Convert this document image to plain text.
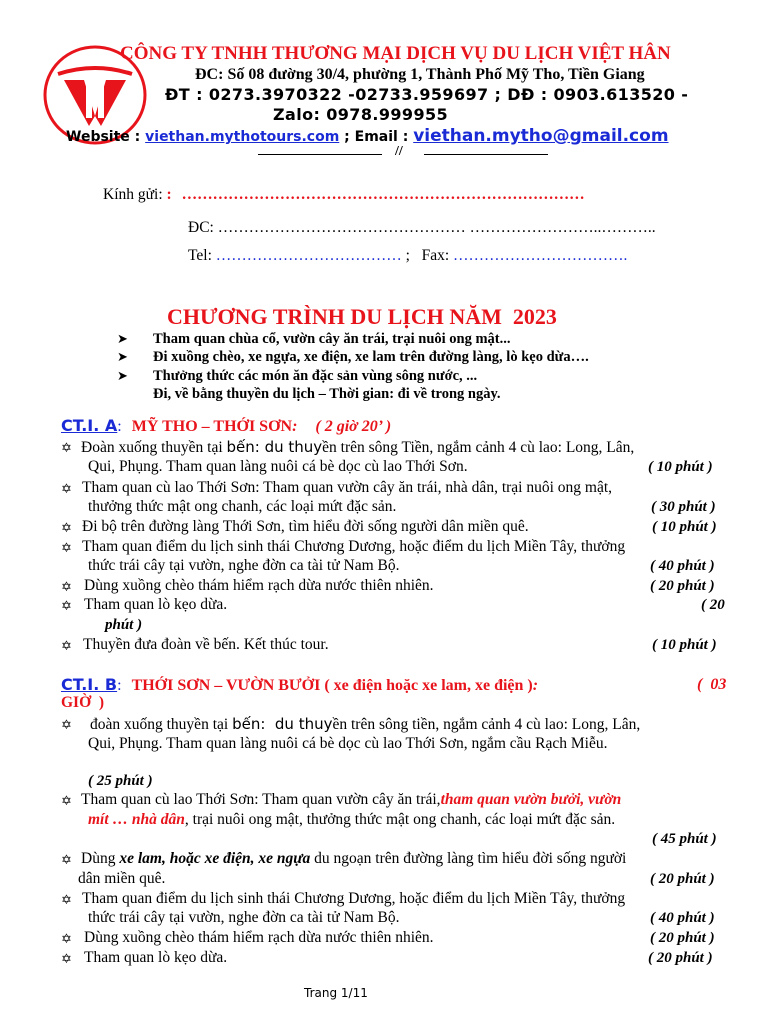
CÔNG TY TNHH THƯƠNG MẠI DỊCH VỤ DU LỊCH VIỆT HÂN
ĐC: Số 08 đường 30/4, phường 1, Thành Phố Mỹ Tho, Tiền Giang
ĐT : 0273.3970322 -02733.959697 ; DĐ : 0903.613520 -
Zalo: 0978.999955
Website : viethan.mythotours.com ; Email : viethan.mytho@gmail.com
//
Kính gửi: : ……………………………………………………………………
ĐC: ………………………………………… ……………………..………..
Tel: ……………………………… ;   Fax: …………………………….
CHƯƠNG TRÌNH DU LỊCH NĂM  2023
➤ Tham quan chùa cổ, vườn cây ăn trái, trại nuôi ong mật...
➤ Đi xuồng chèo, xe ngựa, xe điện, xe lam trên đường làng, lò kẹo dừa….
➤ Thưởng thức các món ăn đặc sản vùng sông nước, ...
Đi, về bằng thuyền du lịch – Thời gian: đi về trong ngày.
CT.I. A: MỸ THO – THỚI SƠN: ( 2 giờ 20’ )
✡ Đoàn xuống thuyền tại bến: du thuyền trên sông Tiền, ngắm cảnh 4 cù lao: Long, Lân,
Qui, Phụng. Tham quan làng nuôi cá bè dọc cù lao Thới Sơn.	( 10 phút )
✡ Tham quan cù lao Thới Sơn: Tham quan vườn cây ăn trái, nhà dân, trại nuôi ong mật,
thưởng thức mật ong chanh, các loại mứt đặc sản.	( 30 phút )
✡ Đi bộ trên đường làng Thới Sơn, tìm hiểu đời sống người dân miền quê.	( 10 phút )
✡ Tham quan điểm du lịch sinh thái Chương Dương, hoặc điểm du lịch Miền Tây, thưởng
thức trái cây tại vườn, nghe đờn ca tài tử Nam Bộ.	( 40 phút )
✡ Dùng xuồng chèo thám hiểm rạch dừa nước thiên nhiên.	( 20 phút )
✡ Tham quan lò kẹo dừa.	( 20
phút )
✡ Thuyền đưa đoàn về bến. Kết thúc tour.	( 10 phút )
CT.I. B: THỚI SƠN – VƯỜN BƯỞI ( xe điện hoặc xe lam, xe điện ):	(  03
GIỜ  )
✡ đoàn xuống thuyền tại bến:  du thuyền trên sông tiền, ngắm cảnh 4 cù lao: Long, Lân,
Qui, Phụng. Tham quan làng nuôi cá bè dọc cù lao Thới Sơn, ngắm cầu Rạch Miễu.
( 25 phút )
✡ Tham quan cù lao Thới Sơn: Tham quan vườn cây ăn trái,tham quan vườn bưởi, vườn
mít … nhà dân, trại nuôi ong mật, thưởng thức mật ong chanh, các loại mứt đặc sản.
( 45 phút )
✡ Dùng xe lam, hoặc xe điện, xe ngựa du ngoạn trên đường làng tìm hiểu đời sống người
dân miền quê.	( 20 phút )
✡ Tham quan điểm du lịch sinh thái Chương Dương, hoặc điểm du lịch Miền Tây, thưởng
thức trái cây tại vườn, nghe đờn ca tài tử Nam Bộ.	( 40 phút )
✡ Dùng xuồng chèo thám hiểm rạch dừa nước thiên nhiên.	( 20 phút )
✡ Tham quan lò kẹo dừa.	( 20 phút )
Trang 1/11
